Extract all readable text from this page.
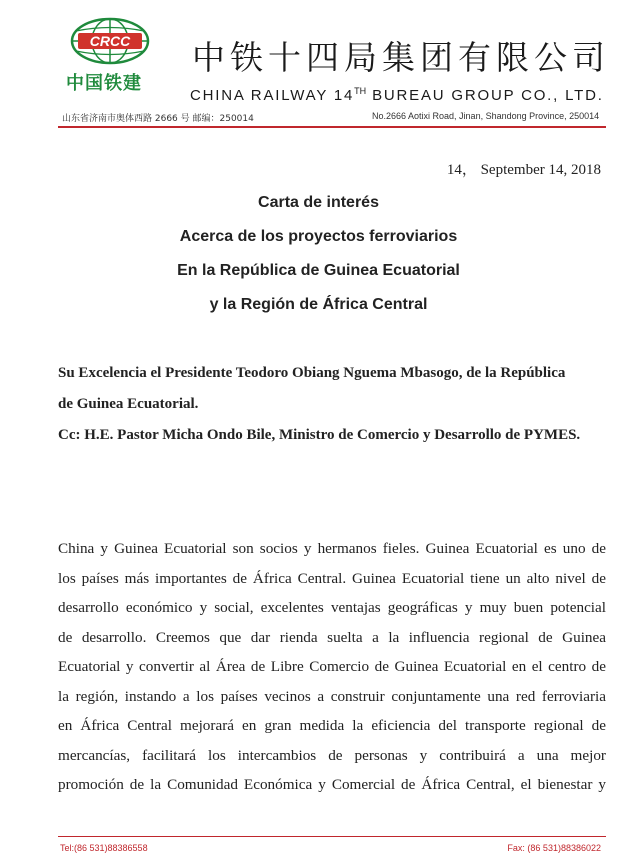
CRCC
中国铁建
中铁十四局集团有限公司
CHINA RAILWAY 14TH BUREAU GROUP CO., LTD.
山东省济南市奥体西路 2666 号 邮编：250014	No.2666 Aotixi Road, Jinan, Shandong Province, 250014
14， September 14, 2018
Carta de interés
Acerca de los proyectos ferroviarios
En la República de Guinea Ecuatorial
y la Región de África Central
Su Excelencia el Presidente Teodoro Obiang Nguema Mbasogo, de la República
de Guinea Ecuatorial.
Cc: H.E. Pastor Micha Ondo Bile, Ministro de Comercio y Desarrollo de PYMES.
China y Guinea Ecuatorial son socios y hermanos fieles. Guinea Ecuatorial es uno de
los países más importantes de África Central. Guinea Ecuatorial tiene un alto nivel de
desarrollo económico y social, excelentes ventajas geográficas y muy buen potencial
de desarrollo. Creemos que dar rienda suelta a la influencia regional de Guinea
Ecuatorial y convertir al Área de Libre Comercio de Guinea Ecuatorial en el centro de
la región, instando a los países vecinos a construir conjuntamente una red ferroviaria
en África Central mejorará en gran medida la eficiencia del transporte regional de
mercancías, facilitará los intercambios de personas y contribuirá a una mejor
promoción de la Comunidad Económica y Comercial de África Central, el bienestar y
Tel:(86 531)88386558	Fax: (86 531)88386022
